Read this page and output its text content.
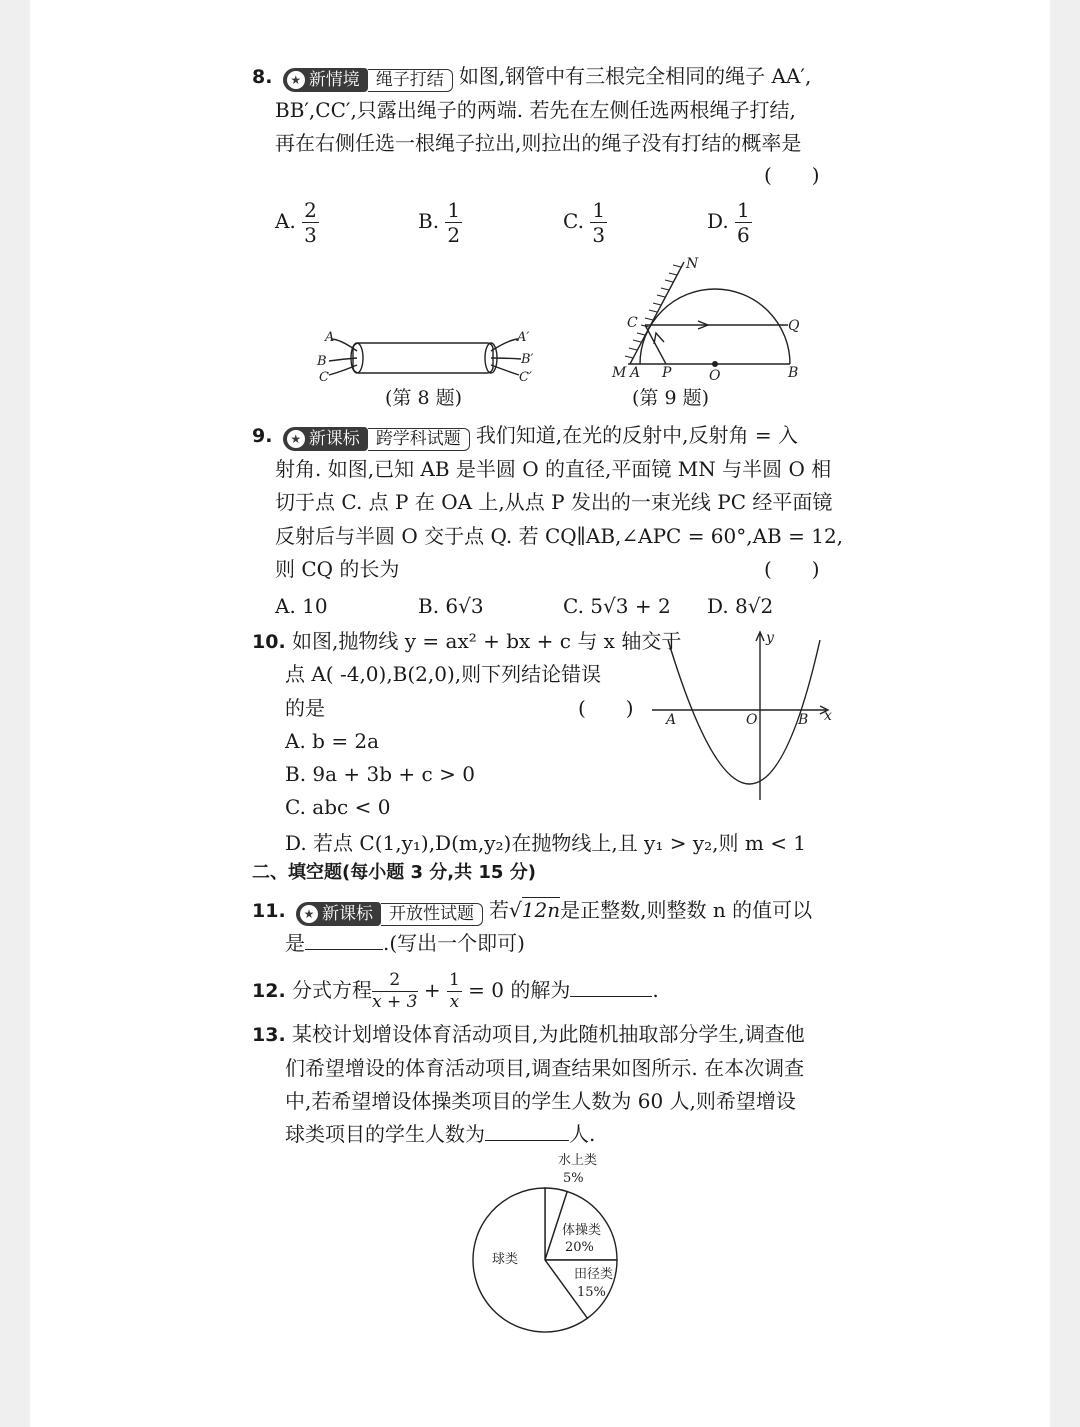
8. ★ 新情境 绳子打结 如图,钢管中有三根完全相同的绳子 AA′,
BB′,CC′,只露出绳子的两端. 若先在左侧任选两根绳子打结,
再在右侧任选一根绳子拉出,则拉出的绳子没有打结的概率是
(　　)
A. $\frac{2}{3}$	B. $\frac{1}{2}$	C. $\frac{1}{3}$	D. $\frac{1}{6}$
A
B
C
A′
B′
C′
(第 8 题)
N
C	Q
M A P	O	B
(第 9 题)
9. ★ 新课标 跨学科试题 我们知道,在光的反射中,反射角 = 入
射角. 如图,已知 AB 是半圆 O 的直径,平面镜 MN 与半圆 O 相
切于点 C. 点 P 在 OA 上,从点 P 发出的一束光线 PC 经平面镜
反射后与半圆 O 交于点 Q. 若 CQ∥AB,∠APC = 60°,AB = 12,
则 CQ 的长为	(　　)
A. 10	B. 6√3	C. 5√3 + 2 D. 8√2
10. 如图,抛物线 y = ax² + bx + c 与 x 轴交于
点 A( -4,0),B(2,0),则下列结论错误
的是	(　　)
A. b = 2a
B. 9a + 3b + c > 0
C. abc < 0
D. 若点 C(1,y₁),D(m,y₂)在抛物线上,且 y₁ > y₂,则 m < 1
y
x
A	O	B
二、填空题(每小题 3 分,共 15 分)
11. ★ 新课标 开放性试题 若√12n是正整数,则整数 n 的值可以
是	.(写出一个即可)
12. 分式方程 $\frac{2}{x + 3} + \frac{1}{x} = 0$ 的解为	.
13. 某校计划增设体育活动项目,为此随机抽取部分学生,调查他
们希望增设的体育活动项目,调查结果如图所示. 在本次调查
中,若希望增设体操类项目的学生人数为 60 人,则希望增设
球类项目的学生人数为	人.
水上类
5%
体操类
20%
田径类
15%
球类
